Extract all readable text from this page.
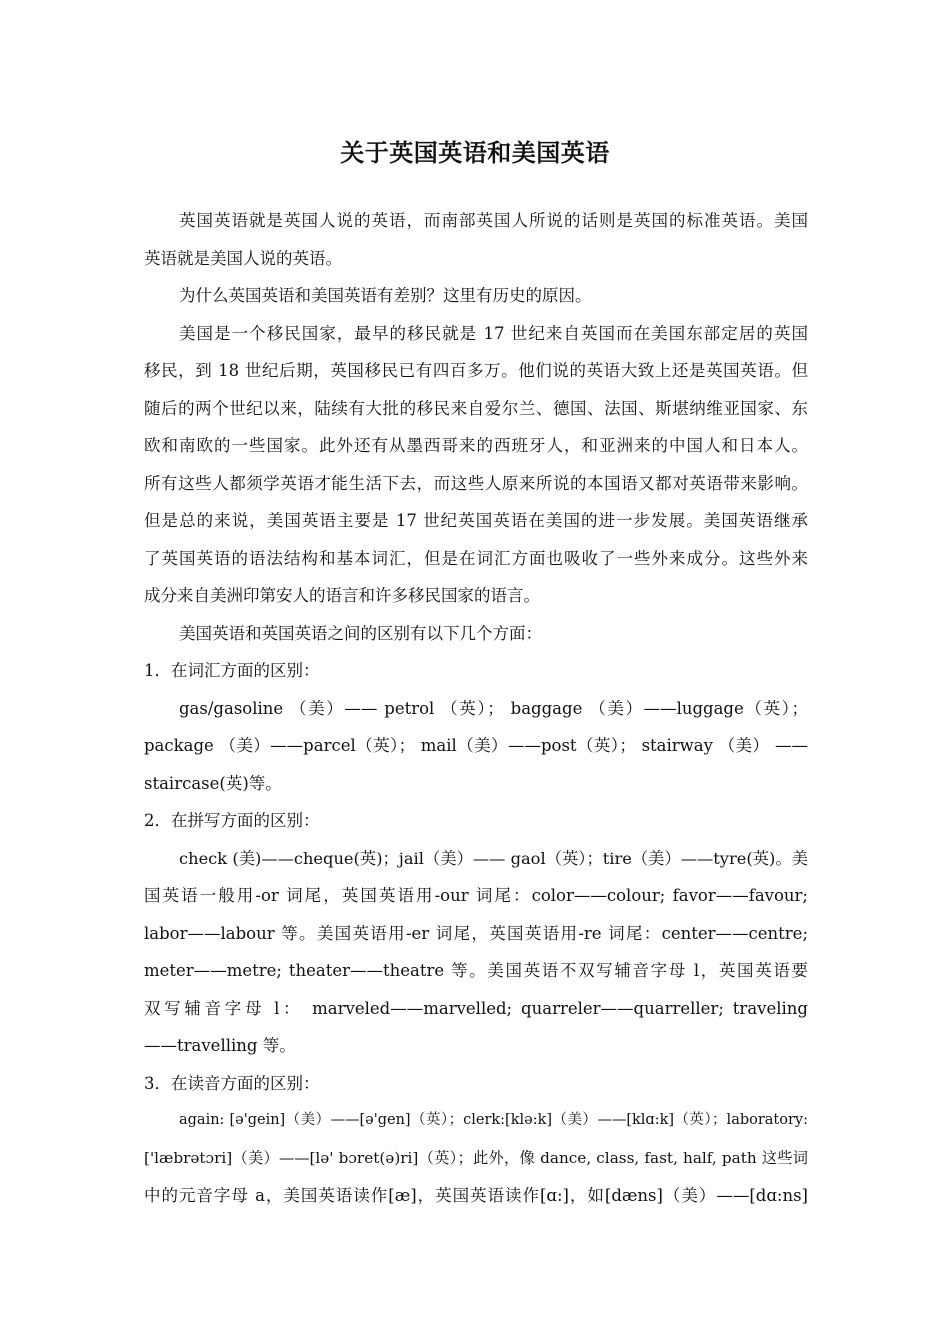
关于英国英语和美国英语
英国英语就是英国人说的英语，而南部英国人所说的话则是英国的标准英语。美国
英语就是美国人说的英语。
为什么英国英语和美国英语有差别？这里有历史的原因。
美国是一个移民国家，最早的移民就是 17 世纪来自英国而在美国东部定居的英国
移民，到 18 世纪后期，英国移民已有四百多万。他们说的英语大致上还是英国英语。但
随后的两个世纪以来，陆续有大批的移民来自爱尔兰、德国、法国、斯堪纳维亚国家、东
欧和南欧的一些国家。此外还有从墨西哥来的西班牙人，和亚洲来的中国人和日本人。
所有这些人都须学英语才能生活下去，而这些人原来所说的本国语又都对英语带来影响。
但是总的来说，美国英语主要是 17 世纪英国英语在美国的进一步发展。美国英语继承
了英国英语的语法结构和基本词汇，但是在词汇方面也吸收了一些外来成分。这些外来
成分来自美洲印第安人的语言和许多移民国家的语言。
美国英语和英国英语之间的区别有以下几个方面：
1．在词汇方面的区别：
gas/gasoline （美）—— petrol （英）； baggage （美）——luggage（英）；
package （美）——parcel（英）； mail（美）——post（英）； stairway （美） ——
staircase(英)等。
2．在拼写方面的区别：
check (美)——cheque(英)；jail（美）—— gaol（英）；tire（美）——tyre(英)。美
国英语一般用-or 词尾，英国英语用-our 词尾：color——colour; favor——favour;
labor——labour 等。美国英语用-er 词尾，英国英语用-re 词尾：center——centre;
meter——metre; theater——theatre 等。美国英语不双写辅音字母 l，英国英语要
双写辅音字母 l： marveled——marvelled; quarreler——quarreller; traveling
——travelling 等。
3．在读音方面的区别：
again: [ə'gein]（美）——[ə'gen]（英）；clerk:[klə:k]（美）——[klɑ:k]（英）；laboratory:
['læbrətɔri]（美）——[lə' bɔret(ə)ri]（英）；此外，像 dance, class, fast, half, path 这些词
中的元音字母 a，美国英语读作[æ]，英国英语读作[ɑ:]，如[dæns]（美）——[dɑ:ns]
